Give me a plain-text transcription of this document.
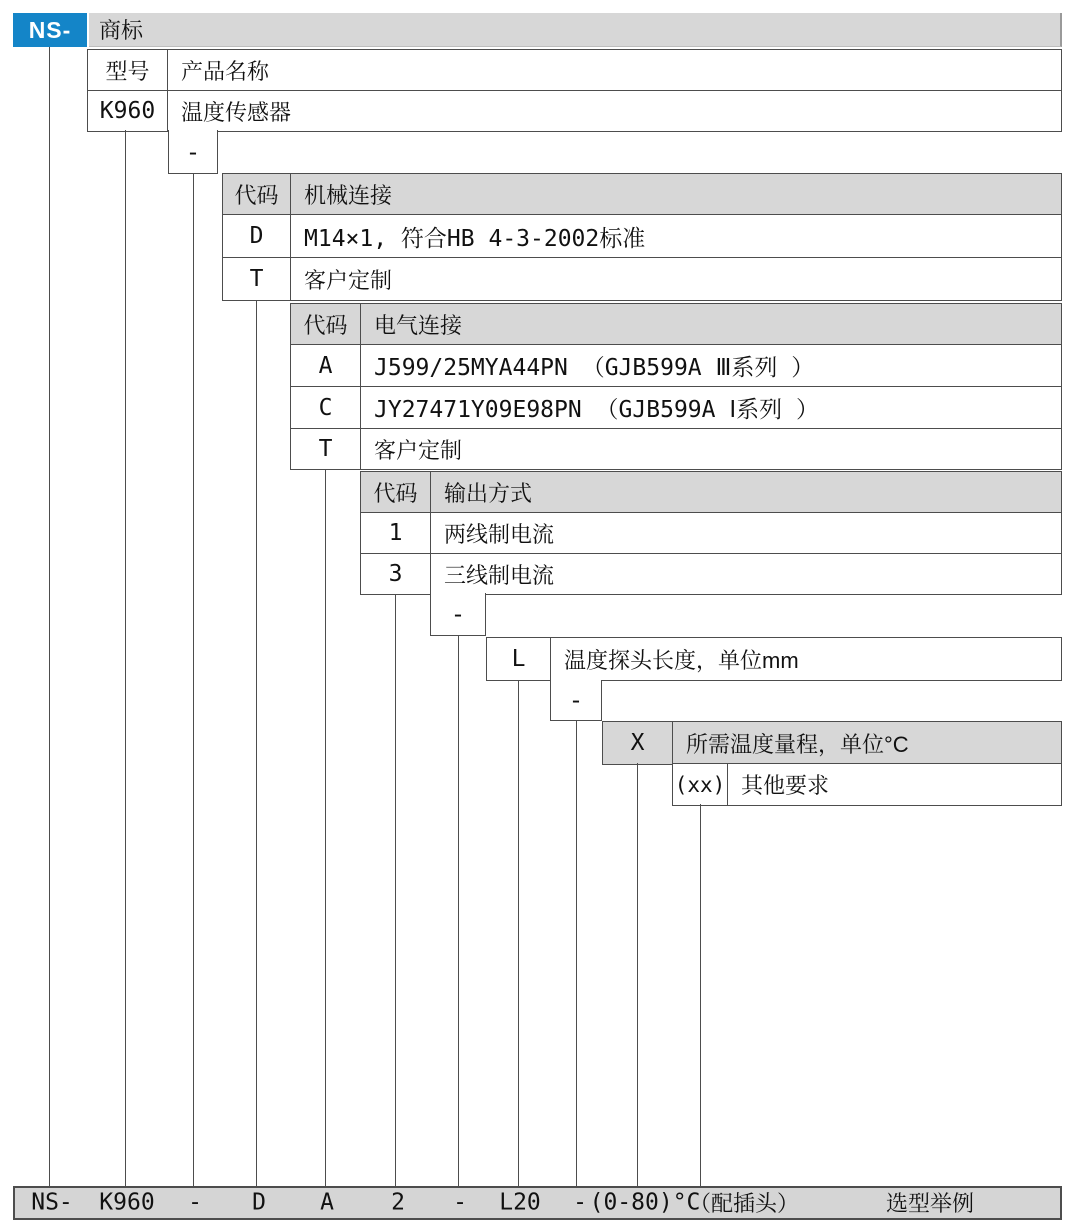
NS-	商标
型号	产品名称
K960	温度传感器
-
代码	机械连接
D	M14×1, 符合HB 4-3-2002标准
T	客户定制
代码	电气连接
A	J599/25MYA44PN （GJB599A Ⅲ系列 ）
C	JY27471Y09E98PN （GJB599A Ⅰ系列 ）
T	客户定制
代码	输出方式
1	两线制电流
3	三线制电流
-
L	温度探头长度，单位mm
-
X	所需温度量程，单位°C
(xx) 其他要求
NS- K960 - D A 2 - L20 - (0-80)°C
（配插头）	选型举例
